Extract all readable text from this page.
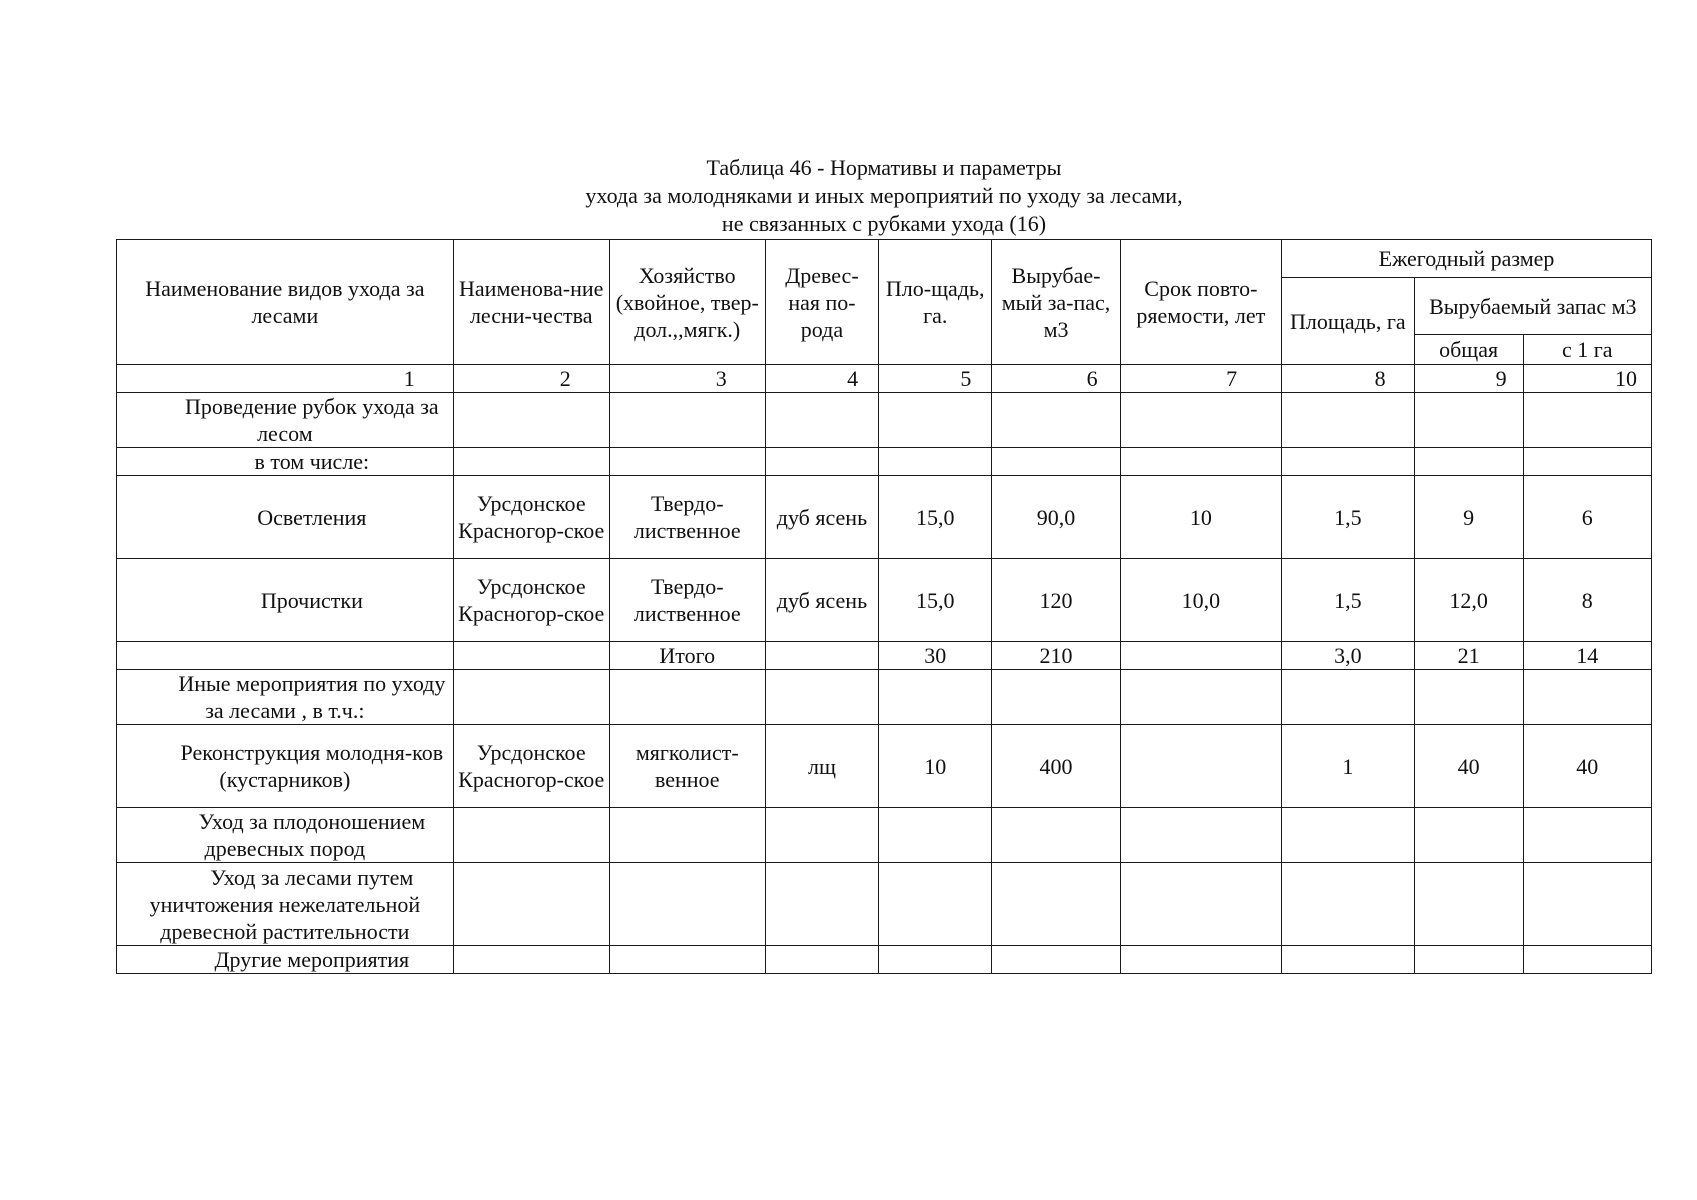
Таблица 46 - Нормативы и параметры
ухода за молодняками и иных мероприятий по уходу за лесами,
не связанных с рубками ухода (16)
Наименование видов ухода за лесами	Наименова-ние лесни-чества	Хозяйство (хвойное, твер-дол.,,мягк.)	Древес-ная по-рода	Пло-щадь, га.	Вырубае-мый за-пас, м3	Срок повто-ряемости, лет	Ежегодный размер		
							Площадь, га	Вырубаемый запас м3	
								общая	с 1 га
1	2	3	4	5	6	7	8	9	10

Проведение рубок ухода за лесом									

в том числе:									

Осветления	Урсдонское Красногор-ское	Твердо-лиственное	дуб ясень	15,0	90,0	10	1,5	9	6

Прочистки	Урсдонское Красногор-ское	Твердо-лиственное	дуб ясень	15,0	120	10,0	1,5	12,0	8
		Итого		30	210		3,0	21	14

Иные мероприятия по уходу за лесами , в т.ч.:									

Реконструкция молодня-ков (кустарников)	Урсдонское Красногор-ское	мягколист-венное	лщ	10	400		1	40	40

Уход за плодоношением древесных пород									

Уход за лесами путем уничтожения нежелательной древесной растительности									

Другие мероприятия									
